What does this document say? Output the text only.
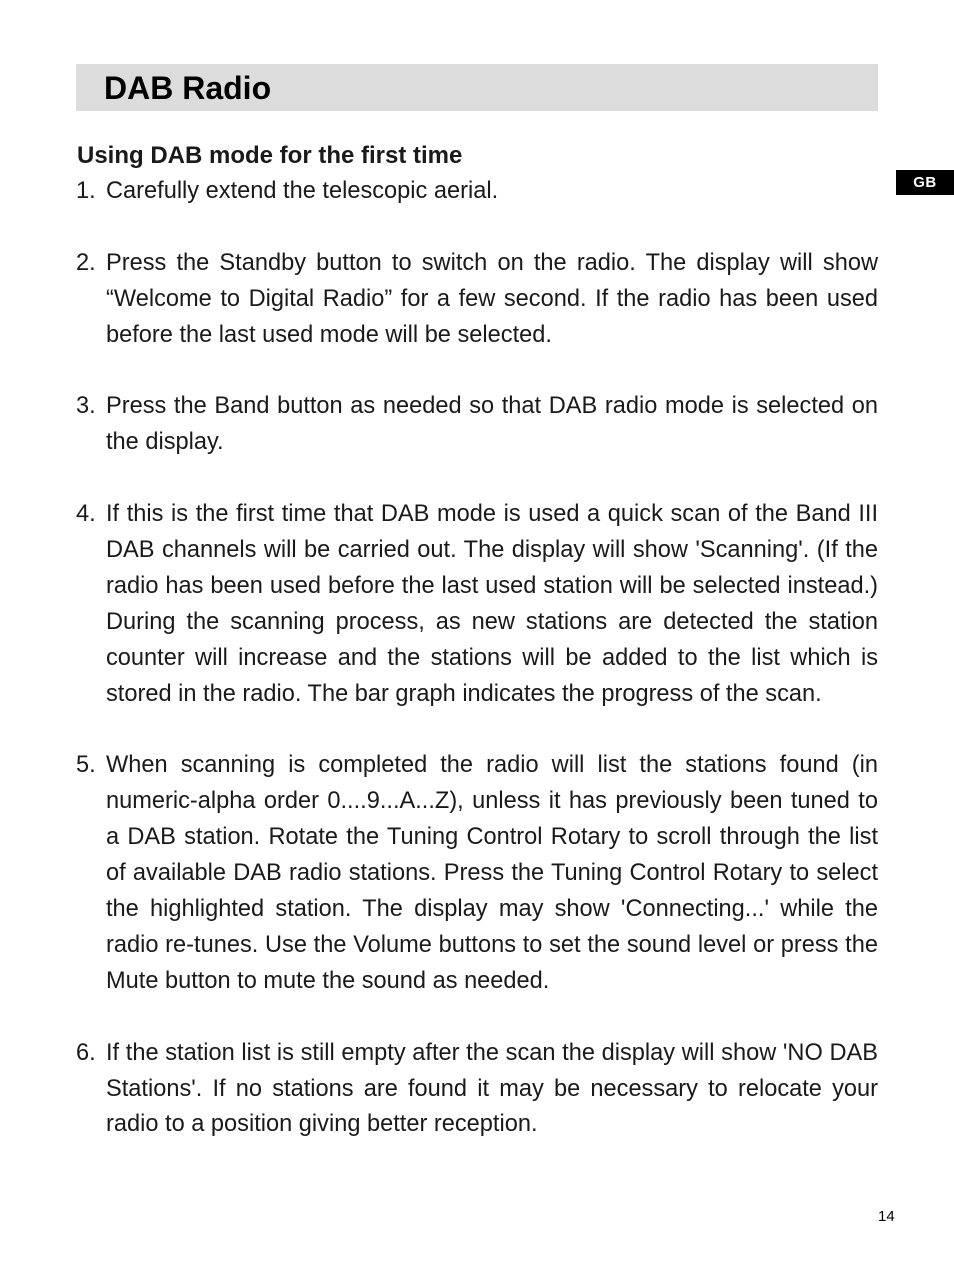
DAB Radio
GB
Using DAB mode for the first time
1. Carefully extend the telescopic aerial.
2. Press the Standby button to switch on the radio. The display will show “Welcome to Digital Radio” for a few second. If the radio has been used before the last used mode will be selected.
3. Press the Band button as needed so that DAB radio mode is selected on the display.
4. If this is the first time that DAB mode is used a quick scan of the Band III DAB channels will be carried out. The display will show 'Scanning'. (If the radio has been used before the last used station will be selected instead.) During the scanning process, as new stations are detected the station counter will increase and the stations will be added to the list which is stored in the radio. The bar graph indicates the progress of the scan.
5. When scanning is completed the radio will list the stations found (in numeric-alpha order 0....9...A...Z), unless it has previously been tuned to a DAB station. Rotate the Tuning Control Rotary to scroll through the list of available DAB radio stations. Press the Tuning Control Rotary to select the highlighted station. The display may show 'Connecting...' while the radio re-tunes. Use the Volume buttons to set the sound level or press the Mute button to mute the sound as needed.
6. If the station list is still empty after the scan the display will show 'NO DAB Stations'. If no stations are found it may be necessary to relocate your radio to a position giving better reception.
14
